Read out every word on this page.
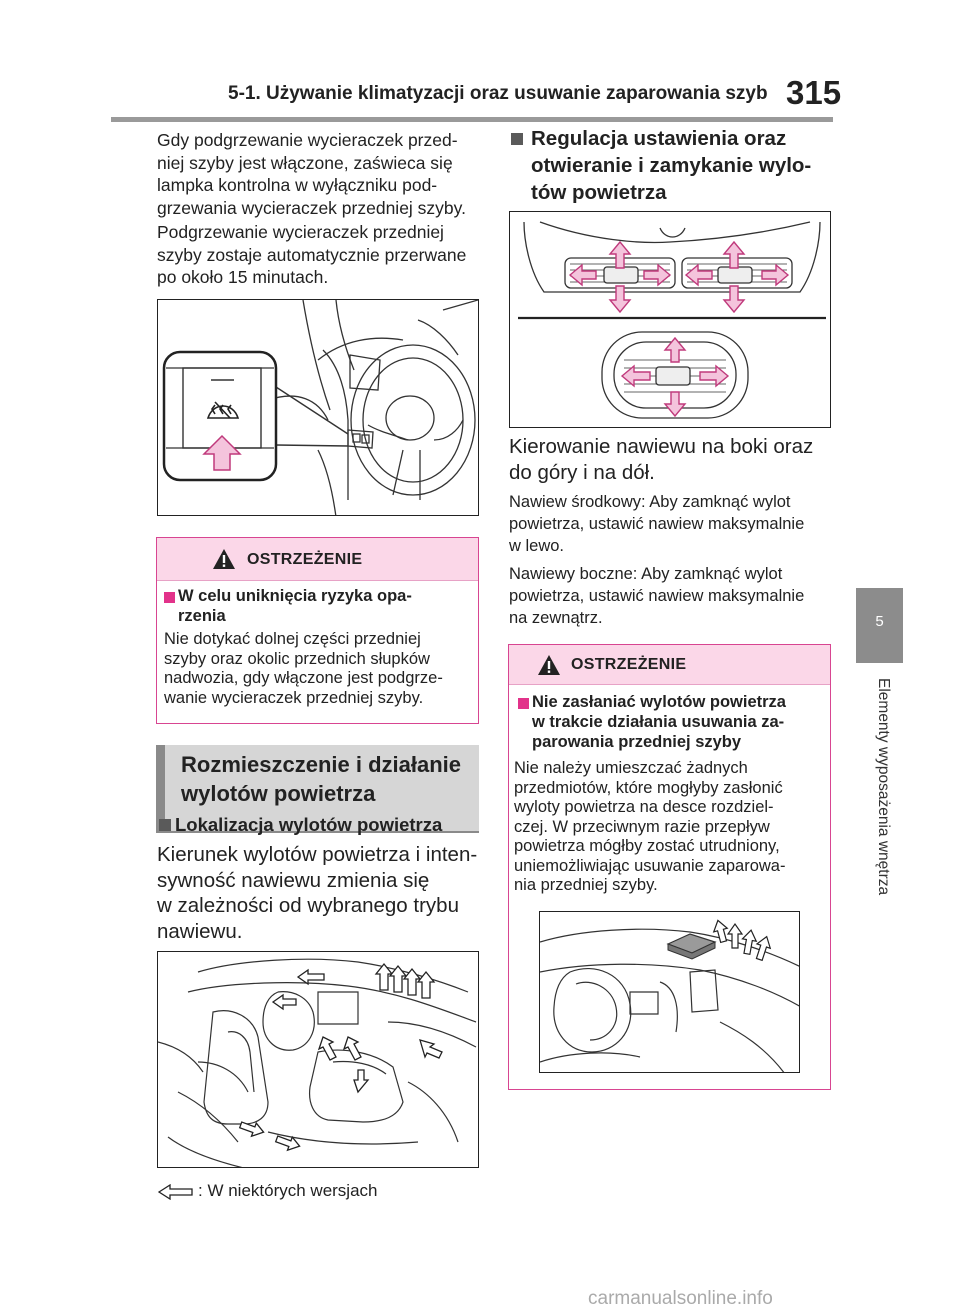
5-1. Używanie klimatyzacji oraz usuwanie zaparowania szyb 315
5
Elementy wyposażenia wnętrza
Gdy podgrzewanie wycieraczek przed-
niej szyby jest włączone, zaświeca się
lampka kontrolna w wyłączniku pod-
grzewania wycieraczek przedniej szyby.
Podgrzewanie wycieraczek przedniej
szyby zostaje automatycznie przerwane
po około 15 minutach.
OSTRZEŻENIE
W celu uniknięcia ryzyka opa-
rzenia
Nie dotykać dolnej części przedniej
szyby oraz okolic przednich słupków
nadwozia, gdy włączone jest podgrze-
wanie wycieraczek przedniej szyby.
Rozmieszczenie i działanie
wylotów powietrza
Lokalizacja wylotów powietrza
Kierunek wylotów powietrza i inten-
sywność nawiewu zmienia się
w zależności od wybranego trybu
nawiewu.
: W niektórych wersjach
Regulacja ustawienia oraz
otwieranie i zamykanie wylo-
tów powietrza
Kierowanie nawiewu na boki oraz
do góry i na dół.
Nawiew środkowy: Aby zamknąć wylot
powietrza, ustawić nawiew maksymalnie
w lewo.
Nawiewy boczne: Aby zamknąć wylot
powietrza, ustawić nawiew maksymalnie
na zewnątrz.
OSTRZEŻENIE
Nie zasłaniać wylotów powietrza
w trakcie działania usuwania za-
parowania przedniej szyby
Nie należy umieszczać żadnych
przedmiotów, które mogłyby zasłonić
wyloty powietrza na desce rozdziel-
czej. W przeciwnym razie przepływ
powietrza mógłby zostać utrudniony,
uniemożliwiając usuwanie zaparowa-
nia przedniej szyby.
carmanualsonline.info
